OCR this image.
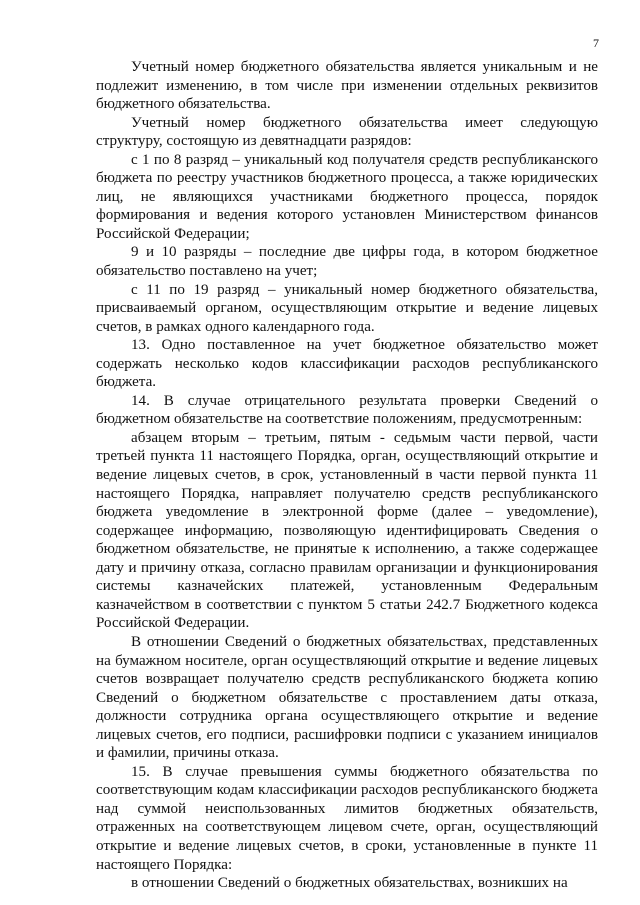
7

Учетный номер бюджетного обязательства является уникальным и не подлежит изменению, в том числе при изменении отдельных реквизитов бюджетного обязательства.

Учетный номер бюджетного обязательства имеет следующую структуру, состоящую из девятнадцати разрядов:

с 1 по 8 разряд – уникальный код получателя средств республиканского бюджета по реестру участников бюджетного процесса, а также юридических лиц, не являющихся участниками бюджетного процесса, порядок формирования и ведения которого установлен Министерством финансов Российской Федерации;

9 и 10 разряды – последние две цифры года, в котором бюджетное обязательство поставлено на учет;

с 11 по 19 разряд – уникальный номер бюджетного обязательства, присваиваемый органом, осуществляющим открытие и ведение лицевых счетов, в рамках одного календарного года.

13. Одно поставленное на учет бюджетное обязательство может содержать несколько кодов классификации расходов республиканского бюджета.

14. В случае отрицательного результата проверки Сведений о бюджетном обязательстве на соответствие положениям, предусмотренным:

абзацем вторым – третьим, пятым - седьмым части первой, части третьей пункта 11 настоящего Порядка, орган, осуществляющий открытие и ведение лицевых счетов, в срок, установленный в части первой пункта 11 настоящего Порядка, направляет получателю средств республиканского бюджета уведомление в электронной форме (далее – уведомление), содержащее информацию, позволяющую идентифицировать Сведения о бюджетном обязательстве, не принятые к исполнению, а также содержащее дату и причину отказа, согласно правилам организации и функционирования системы казначейских платежей, установленным Федеральным казначейством в соответствии с пунктом 5 статьи 242.7 Бюджетного кодекса Российской Федерации.

В отношении Сведений о бюджетных обязательствах, представленных на бумажном носителе, орган осуществляющий открытие и ведение лицевых счетов возвращает получателю средств республиканского бюджета копию Сведений о бюджетном обязательстве с проставлением даты отказа, должности сотрудника органа осуществляющего открытие и ведение лицевых счетов, его подписи, расшифровки подписи с указанием инициалов и фамилии, причины отказа.

15. В случае превышения суммы бюджетного обязательства по соответствующим кодам классификации расходов республиканского бюджета над суммой неиспользованных лимитов бюджетных обязательств, отраженных на соответствующем лицевом счете, орган, осуществляющий открытие и ведение лицевых счетов, в сроки, установленные в пункте 11 настоящего Порядка:

в отношении Сведений о бюджетных обязательствах, возникших на
